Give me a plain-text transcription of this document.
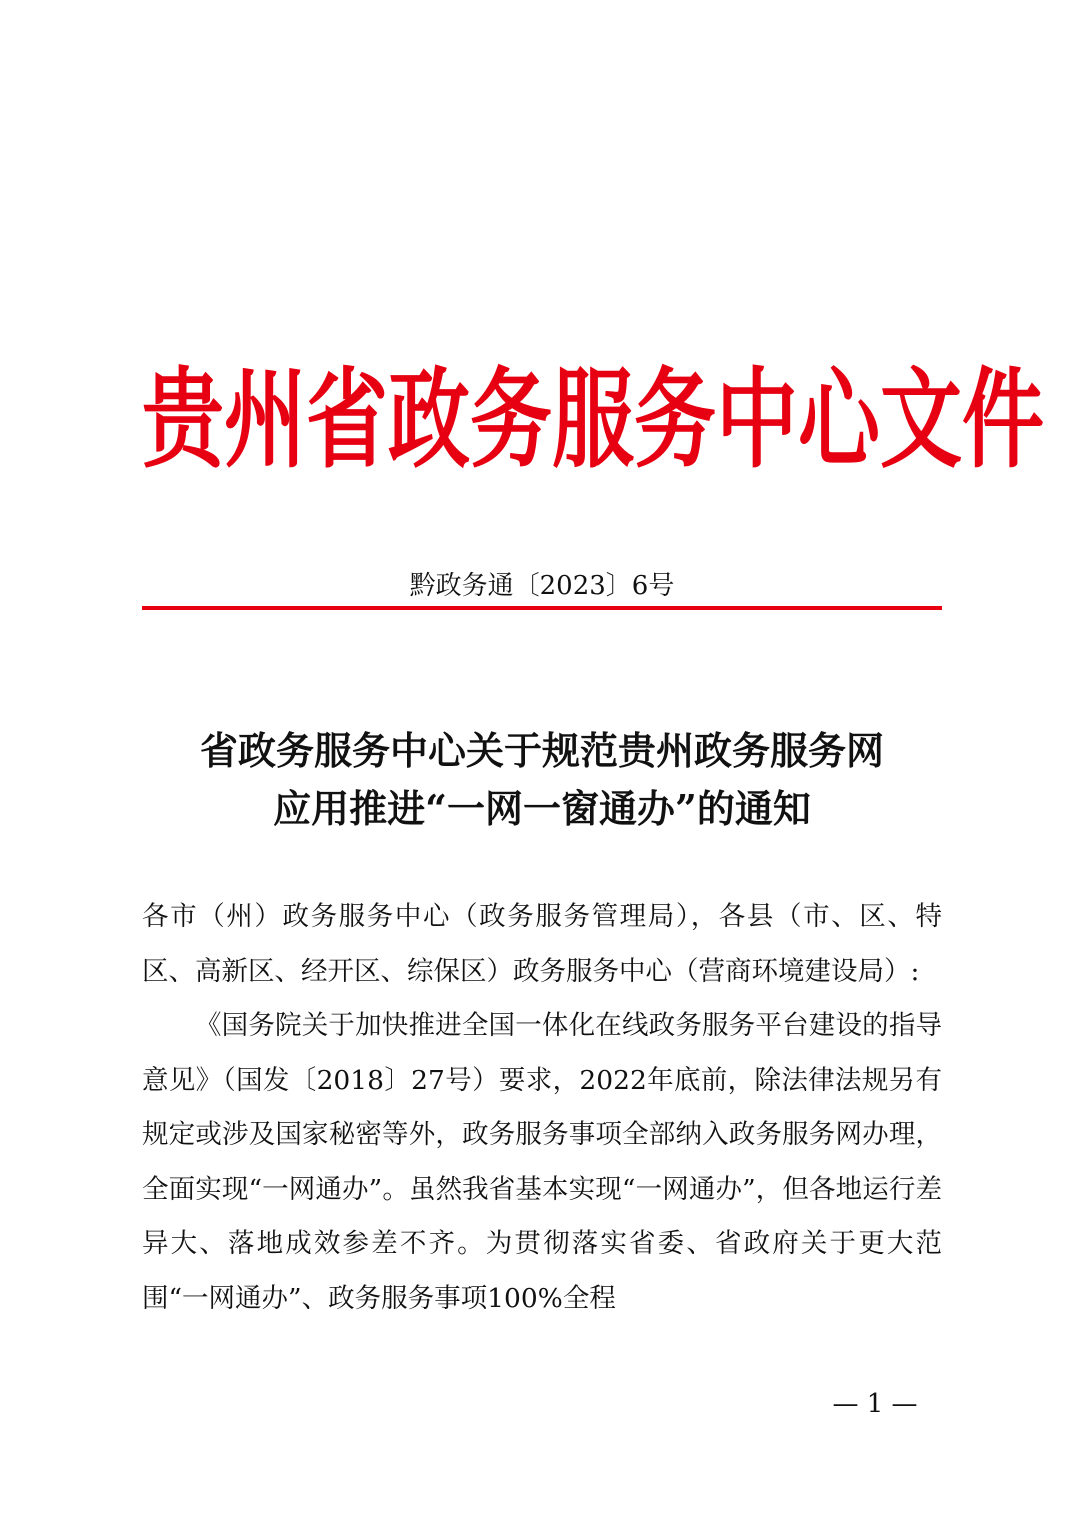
贵州省政务服务中心文件
黔政务通〔2023〕6号
省政务服务中心关于规范贵州政务服务网
应用推进“一网一窗通办”的通知

各市（州）政务服务中心（政务服务管理局），各县（市、区、特区、高新区、经开区、综保区）政务服务中心（营商环境建设局）:

《国务院关于加快推进全国一体化在线政务服务平台建设的指导意见》（国发〔2018〕27号）要求，2022年底前，除法律法规另有规定或涉及国家秘密等外，政务服务事项全部纳入政务服务网办理，全面实现“一网通办”。虽然我省基本实现“一网通办”，但各地运行差异大、落地成效参差不齐。为贯彻落实省委、省政府关于更大范围“一网通办”、政务服务事项100%全程

— 1 —
